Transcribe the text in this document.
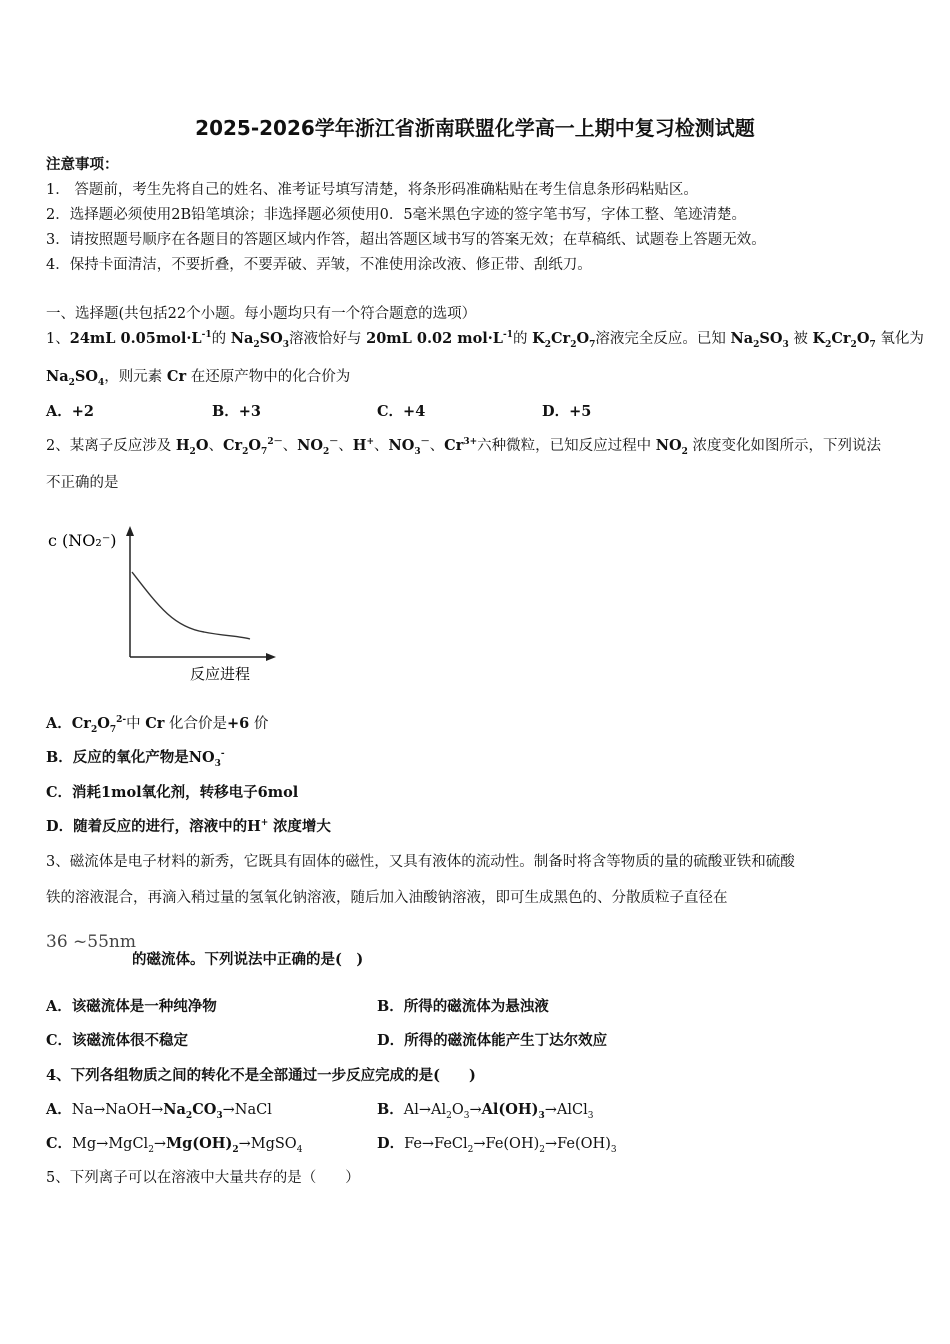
2025-2026学年浙江省浙南联盟化学高一上期中复习检测试题
注意事项：
1． 答题前，考生先将自己的姓名、准考证号填写清楚，将条形码准确粘贴在考生信息条形码粘贴区。
2．选择题必须使用2B铅笔填涂；非选择题必须使用0．5毫米黑色字迹的签字笔书写，字体工整、笔迹清楚。
3．请按照题号顺序在各题目的答题区域内作答，超出答题区域书写的答案无效；在草稿纸、试题卷上答题无效。
4．保持卡面清洁，不要折叠，不要弄破、弄皱，不准使用涂改液、修正带、刮纸刀。
一、选择题(共包括22个小题。每小题均只有一个符合题意的选项）
1、24mL $0.05mol\cdot L^{-1}$的 $Na_2SO_3$溶液恰好与 20mL 0.02 $mol\cdot L^{-1}$的 $K_2Cr_2O_7$溶液完全反应。已知 $Na_2SO_3$ 被 $K_2Cr_2O_7$ 氧化为
$Na_2SO_4$，则元素 Cr 在还原产物中的化合价为
A．+2	B．+3	C．+4	D．+5
2、某离子反应涉及 $H_2O$、$Cr_2O_7^{2-}$、$NO_2^-$、H+、$NO_3^-$、$Cr^{3+}$六种微粒，已知反应过程中 $NO_2$ 浓度变化如图所示，下列说法
不正确的是
c (NO₂⁻)
反应进程
A．$Cr_2O_7^{2-}$中 Cr 化合价是+6 价
B．反应的氧化产物是$NO_3^-$
C．消耗1mol氧化剂，转移电子6mol
D．随着反应的进行，溶液中的H+ 浓度增大
3、磁流体是电子材料的新秀，它既具有固体的磁性，又具有液体的流动性。制备时将含等物质的量的硫酸亚铁和硫酸
铁的溶液混合，再滴入稍过量的氢氧化钠溶液，随后加入油酸钠溶液，即可生成黑色的、分散质粒子直径在
36 ~55nm
的磁流体。下列说法中正确的是(　)
A．该磁流体是一种纯净物	B．所得的磁流体为悬浊液
C．该磁流体很不稳定	D．所得的磁流体能产生丁达尔效应
4、下列各组物质之间的转化不是全部通过一步反应完成的是(　　)
A．$Na\to NaOH\to Na_2CO_3\to NaCl$	B．$Al\to Al_2O_3\to Al(OH)_3\to AlCl_3$
C．$Mg\to MgCl_2\to Mg(OH)_2\to MgSO_4$	D．$Fe\to FeCl_2\to Fe(OH)_2\to Fe(OH)_3$
5、下列离子可以在溶液中大量共存的是（　　）
